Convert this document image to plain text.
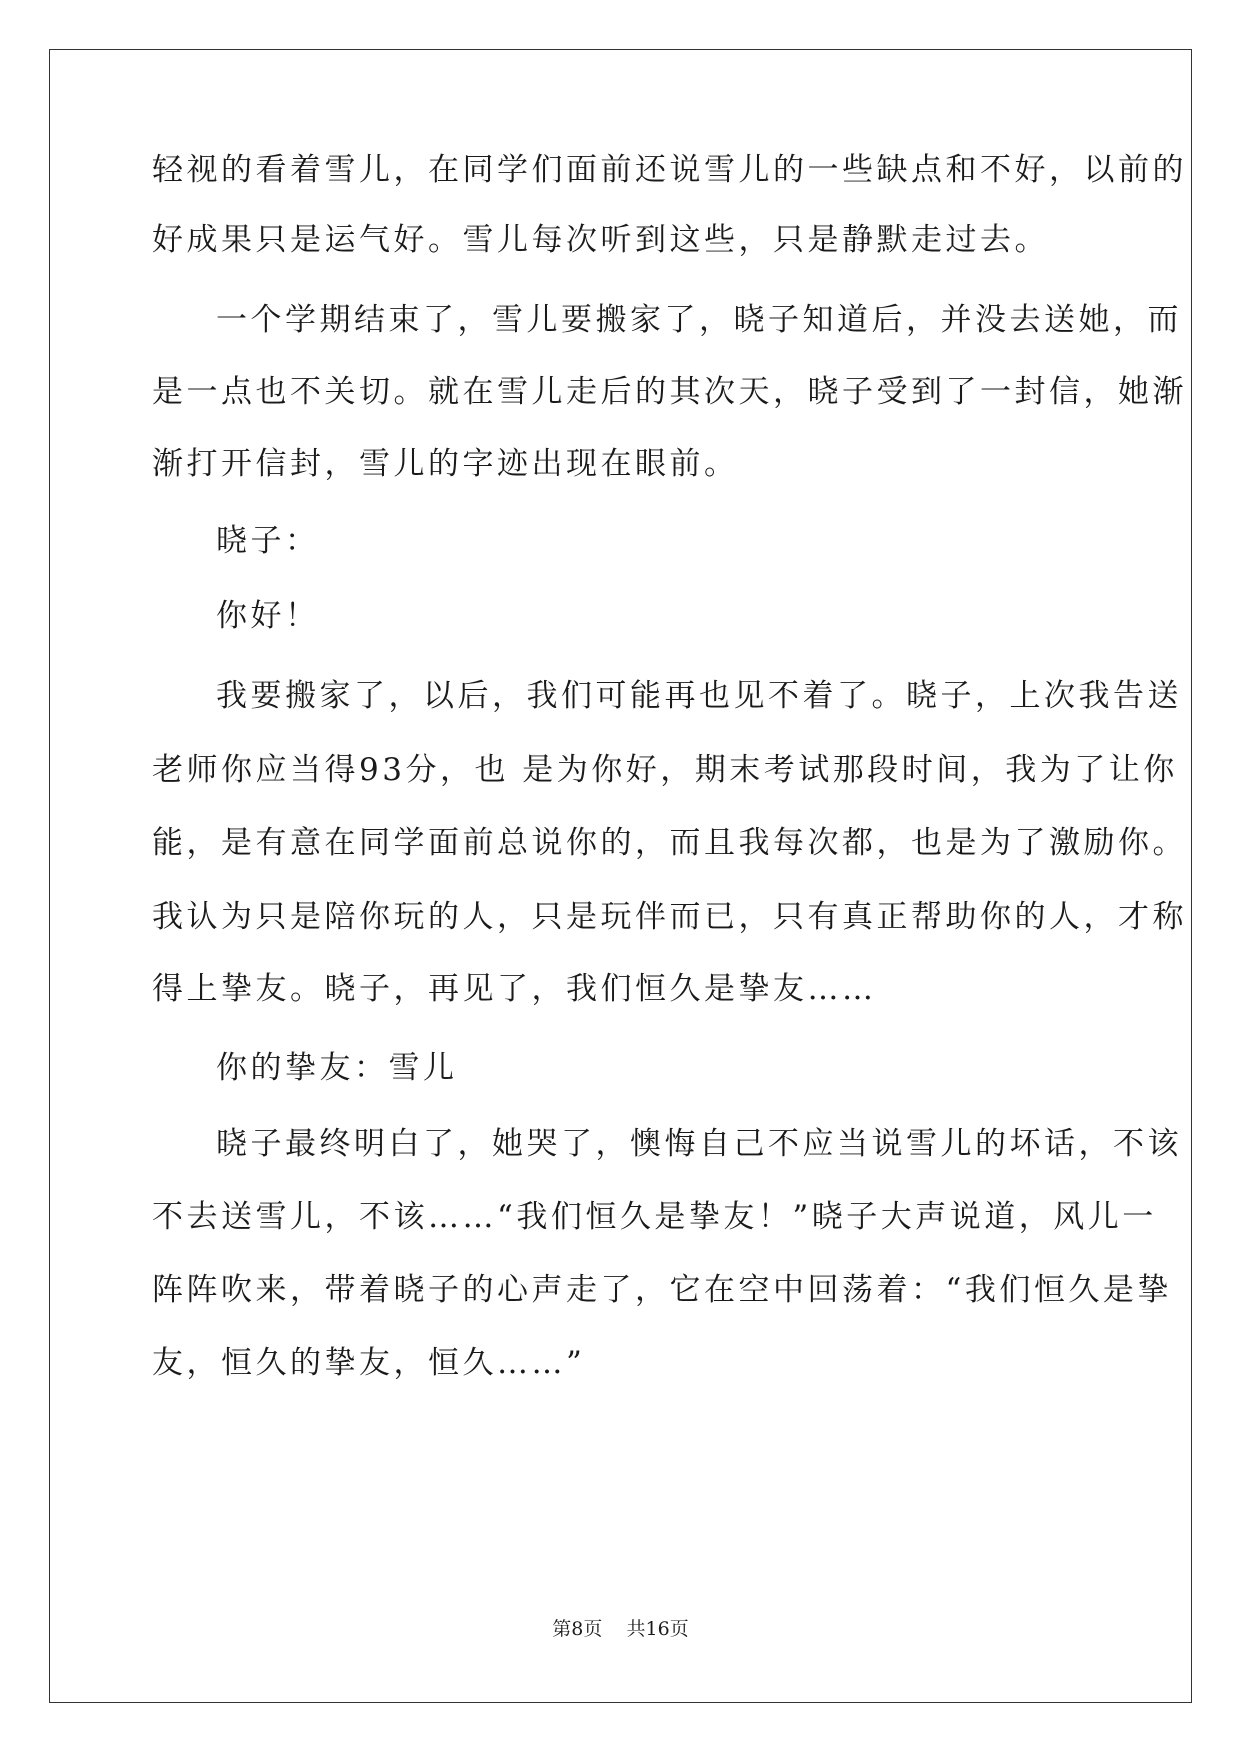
轻视的看着雪儿，在同学们面前还说雪儿的一些缺点和不好，以前的
好成果只是运气好。雪儿每次听到这些，只是静默走过去。
一个学期结束了，雪儿要搬家了，晓子知道后，并没去送她，而
是一点也不关切。就在雪儿走后的其次天，晓子受到了一封信，她渐
渐打开信封，雪儿的字迹出现在眼前。
晓子：
你好！
我要搬家了，以后，我们可能再也见不着了。晓子，上次我告送
老师你应当得93分，也 是为你好，期末考试那段时间，我为了让你
能，是有意在同学面前总说你的，而且我每次都，也是为了激励你。
我认为只是陪你玩的人，只是玩伴而已，只有真正帮助你的人，才称
得上挚友。晓子，再见了，我们恒久是挚友……
你的挚友：雪儿
晓子最终明白了，她哭了，懊悔自己不应当说雪儿的坏话，不该
不去送雪儿，不该……“我们恒久是挚友！”晓子大声说道，风儿一
阵阵吹来，带着晓子的心声走了，它在空中回荡着：“我们恒久是挚
友，恒久的挚友，恒久……”
第8页    共16页
